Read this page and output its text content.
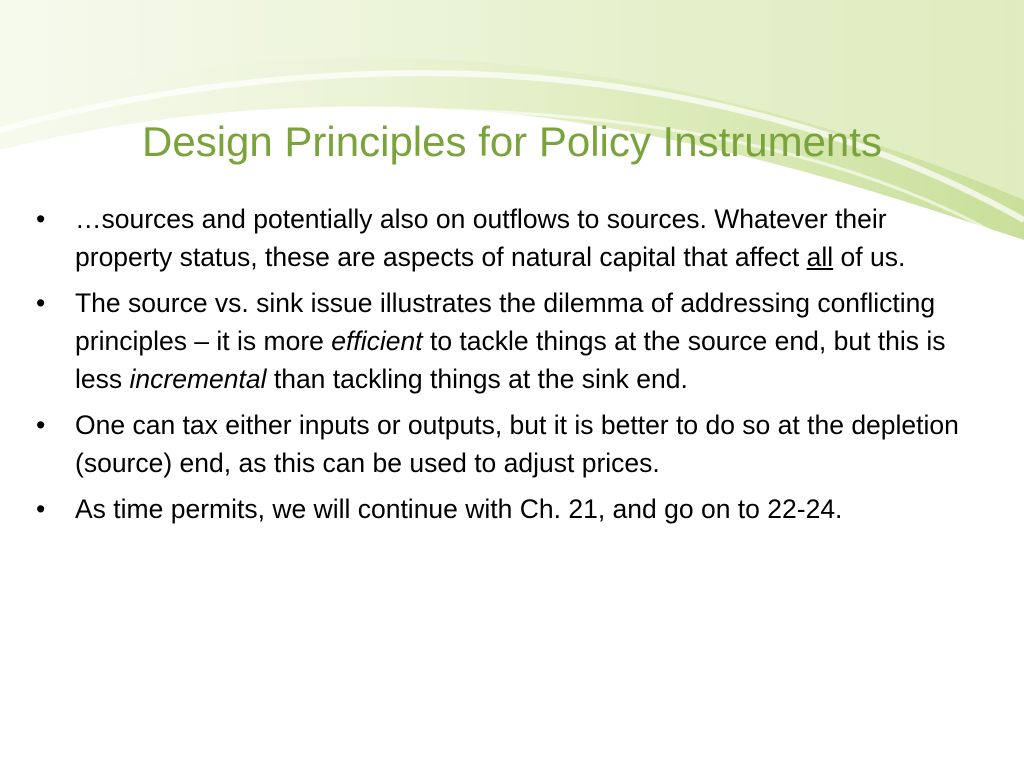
Design Principles for Policy Instruments
•	…sources and potentially also on outflows to sources. Whatever their property status, these are aspects of natural capital that affect all of us.
•	The source vs. sink issue illustrates the dilemma of addressing conflicting principles – it is more efficient to tackle things at the source end, but this is less incremental than tackling things at the sink end.
•	One can tax either inputs or outputs, but it is better to do so at the depletion (source) end, as this can be used to adjust prices.
•	As time permits, we will continue with Ch. 21, and go on to 22-24.
